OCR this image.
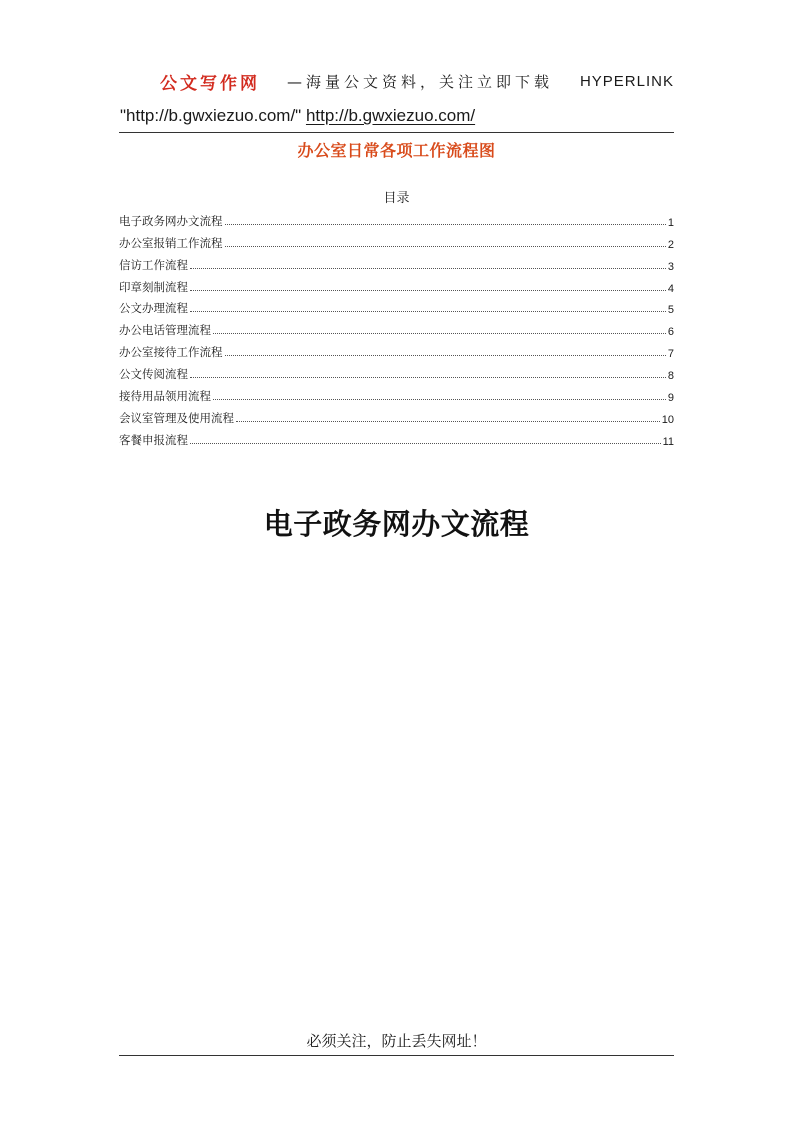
公文写作网 —海量公文资料，关注立即下载 HYPERLINK
"http://b.gwxiezuo.com/" http://b.gwxiezuo.com/
办公室日常各项工作流程图
目录
电子政务网办文流程	1
办公室报销工作流程	2
信访工作流程	3
印章刻制流程	4
公文办理流程	5
办公电话管理流程	6
办公室接待工作流程	7
公文传阅流程	8
接待用品领用流程	9
会议室管理及使用流程	10
客餐申报流程	11
电子政务网办文流程
必须关注，防止丢失网址！
